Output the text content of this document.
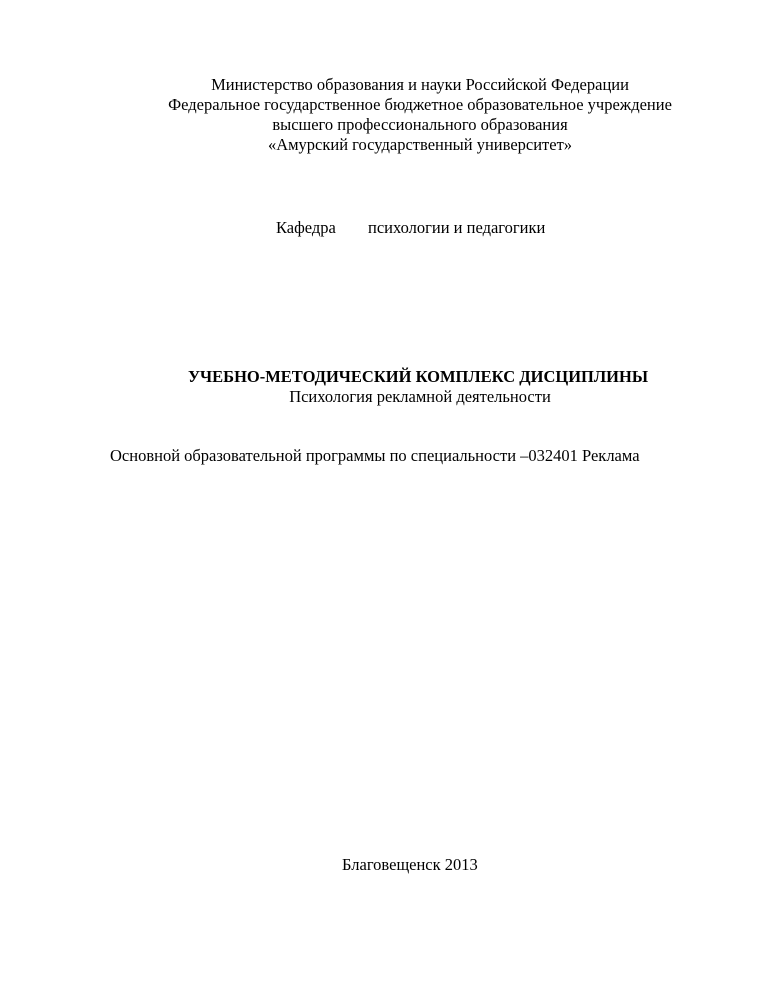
Министерство образования и науки Российской Федерации
Федеральное государственное бюджетное образовательное учреждение
высшего профессионального образования
«Амурский государственный университет»
Кафедра психологии и педагогики
УЧЕБНО-МЕТОДИЧЕСКИЙ КОМПЛЕКС ДИСЦИПЛИНЫ
Психология рекламной деятельности
Основной образовательной программы по специальности –032401 Реклама
Благовещенск 2013
